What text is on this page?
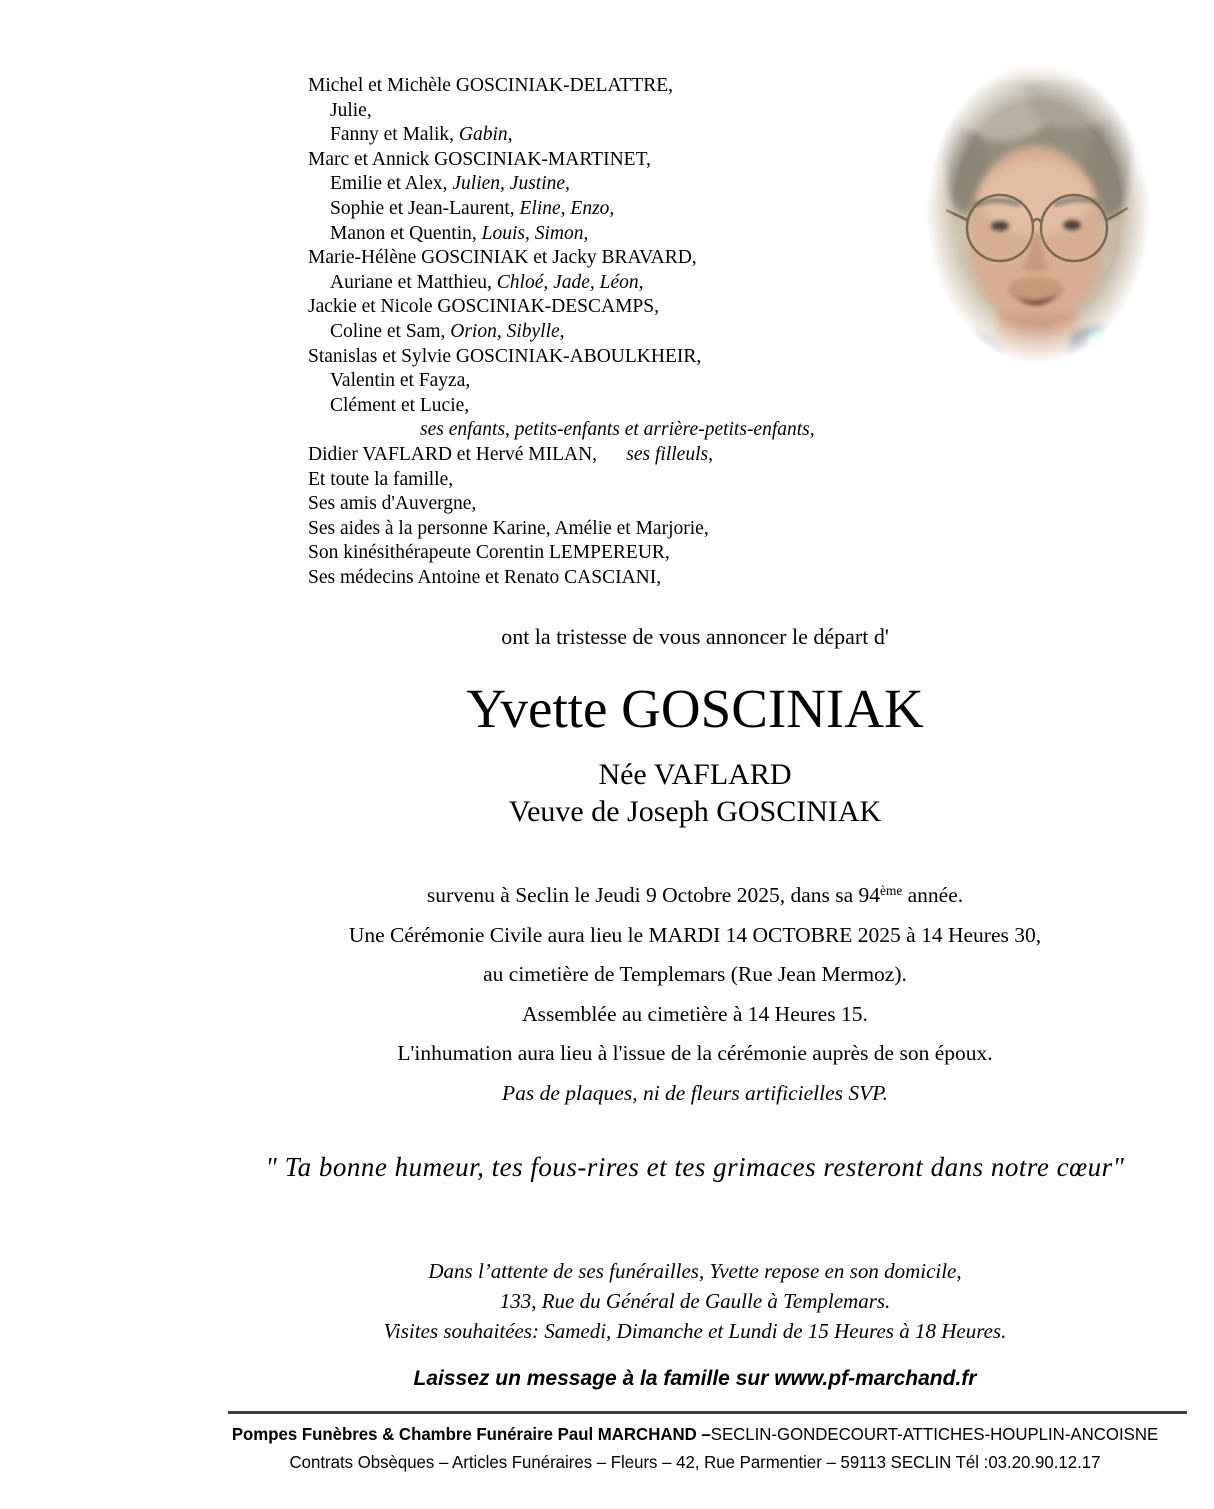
Michel et Michèle GOSCINIAK-DELATTRE,
Julie,
Fanny et Malik, Gabin,
Marc et Annick GOSCINIAK-MARTINET,
Emilie et Alex, Julien, Justine,
Sophie et Jean-Laurent, Eline, Enzo,
Manon et Quentin, Louis, Simon,
Marie-Hélène GOSCINIAK et Jacky BRAVARD,
Auriane et Matthieu, Chloé, Jade, Léon,
Jackie et Nicole GOSCINIAK-DESCAMPS,
Coline et Sam, Orion, Sibylle,
Stanislas et Sylvie GOSCINIAK-ABOULKHEIR,
Valentin et Fayza,
Clément et Lucie,
ses enfants, petits-enfants et arrière-petits-enfants,
Didier VAFLARD et Hervé MILAN,      ses filleuls,
Et toute la famille,
Ses amis d'Auvergne,
Ses aides à la personne Karine, Amélie et Marjorie,
Son kinésithérapeute Corentin LEMPEREUR,
Ses médecins Antoine et Renato CASCIANI,
ont la tristesse de vous annoncer le départ d'
Yvette GOSCINIAK
Née VAFLARD
Veuve de Joseph GOSCINIAK
survenu à Seclin le Jeudi 9 Octobre 2025, dans sa 94ème année.
Une Cérémonie Civile aura lieu le MARDI 14 OCTOBRE 2025 à 14 Heures 30,
au cimetière de Templemars (Rue Jean Mermoz).
Assemblée au cimetière à 14 Heures 15.
L'inhumation aura lieu à l'issue de la cérémonie auprès de son époux.
Pas de plaques, ni de fleurs artificielles SVP.
" Ta bonne humeur, tes fous-rires et tes grimaces resteront dans notre cœur"
Dans l’attente de ses funérailles, Yvette repose en son domicile,
133, Rue du Général de Gaulle à Templemars.
Visites souhaitées: Samedi, Dimanche et Lundi de 15 Heures à 18 Heures.
Laissez un message à la famille sur www.pf-marchand.fr
Pompes Funèbres & Chambre Funéraire Paul MARCHAND –SECLIN-GONDECOURT-ATTICHES-HOUPLIN-ANCOISNE
Contrats Obsèques – Articles Funéraires – Fleurs – 42, Rue Parmentier – 59113 SECLIN Tél :03.20.90.12.17
